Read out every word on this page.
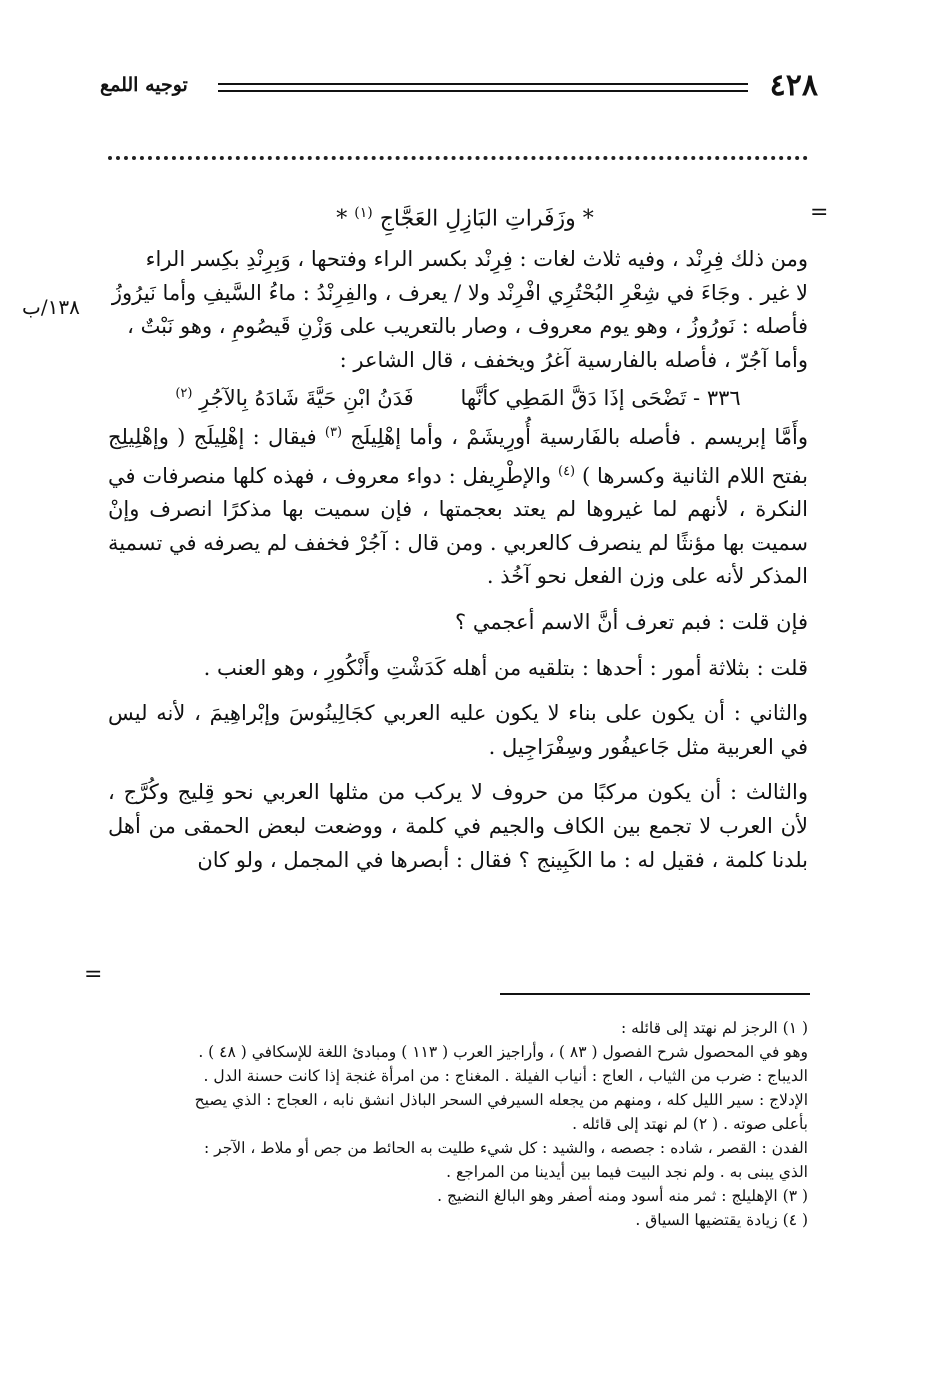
٤٢٨
توجيه اللمع
=
* وزَفَراتِ البَازِلِ العَجَّاجِ $^{(١)}$ *
١٣٨/ب

ومن ذلك فِرِنْد ، وفيه ثلاث لغات : فِرِنْد بكسر الراء وفتحها ، وَبِرِنْدِ بكِسر الراء

لا غير . وجَاءَ في شِعْرِ البُحْتُرِي افْرِنْد ولا / يعرف ، والفِرِنْدُ : ماءُ السَّيفِ وأما نَيرُوزُ

فأصله : نَورُوزُ ، وهو يوم معروف ، وصار بالتعريب على وَزْنِ قَيصُومِ ، وهو نَبْتٌ ،

وأما آجُرّ ، فأصله بالفارسية آغرُ ويخفف ، قال الشاعر :

٣٣٦ - تَضْحَى إذَا دَقَّ المَطِي كأنَّها       فَدَنُ ابْنِ حَيَّةَ شَادَهُ بِالآجُرِ $^{(٢)}$

وأَمَّا إبريسم . فأصله بالفَارسية أُورِيشَمْ ، وأما إهْلِيلَج $^{(٣)}$ فيقال : إهْلِيلَج ( وإهْلِيلِج بفتح اللام الثانية وكسرها ) $^{(٤)}$ والإطْرِيفل : دواء معروف ، فهذه كلها منصرفات في النكرة ، لأنهم لما غيروها لم يعتد بعجمتها ، فإن سميت بها مذكرًا انصرف وإنْ سميت بها مؤنثًا لم ينصرف كالعربي . ومن قال : آجُرْ فخفف لم يصرفه في تسمية المذكر لأنه على وزن الفعل نحو آخُذ .

فإن قلت : فبم تعرف أنَّ الاسم أعجمي ؟

قلت : بثلاثة أمور : أحدها : بتلقيه من أهله كَدَشْتِ وأَنْكُورِ ، وهو العنب .

والثاني : أن يكون على بناء لا يكون عليه العربي كجَالِينُوسَ وإبْراهِيمَ ، لأنه ليس في العربية مثل جَاعيفُور وسِفْرَاجِيل .

والثالث : أن يكون مركبًا من حروف لا يركب من مثلها العربي نحو قِليج وكُرَّج ، لأن العرب لا تجمع بين الكاف والجيم في كلمة ، ووضعت لبعض الحمقى من أهل بلدنا كلمة ، فقيل له : ما الكَبِينج ؟ فقال : أبصرها في المجمل ، ولو كان

=

( ١) الرجز لم نهتد إلى قائله :

وهو في المحصول شرح الفصول ( ٨٣ ) ، وأراجيز العرب ( ١١٣ ) ومبادئ اللغة للإسكافي ( ٤٨ ) .

الديباج : ضرب من الثياب ، العاج : أنياب الفيلة . المغناج : من امرأة غنجة إذا كانت حسنة الدل .

الإدلاج : سير الليل كله ، ومنهم من يجعله السيرفي السحر الباذل انشق نابه ، العجاج : الذي يصيح

بأعلى صوته . ( ٢) لم نهتد إلى قائله .

الفدن : القصر ، شاده : جصصه ، والشيد : كل شيء طليت به الحائط من جص أو ملاط ، الآجر :

الذي يبنى به . ولم نجد البيت فيما بين أيدينا من المراجع .

( ٣) الإهليلج : ثمر منه أسود ومنه أصفر وهو البالغ النضيج .

( ٤) زيادة يقتضيها السياق .
